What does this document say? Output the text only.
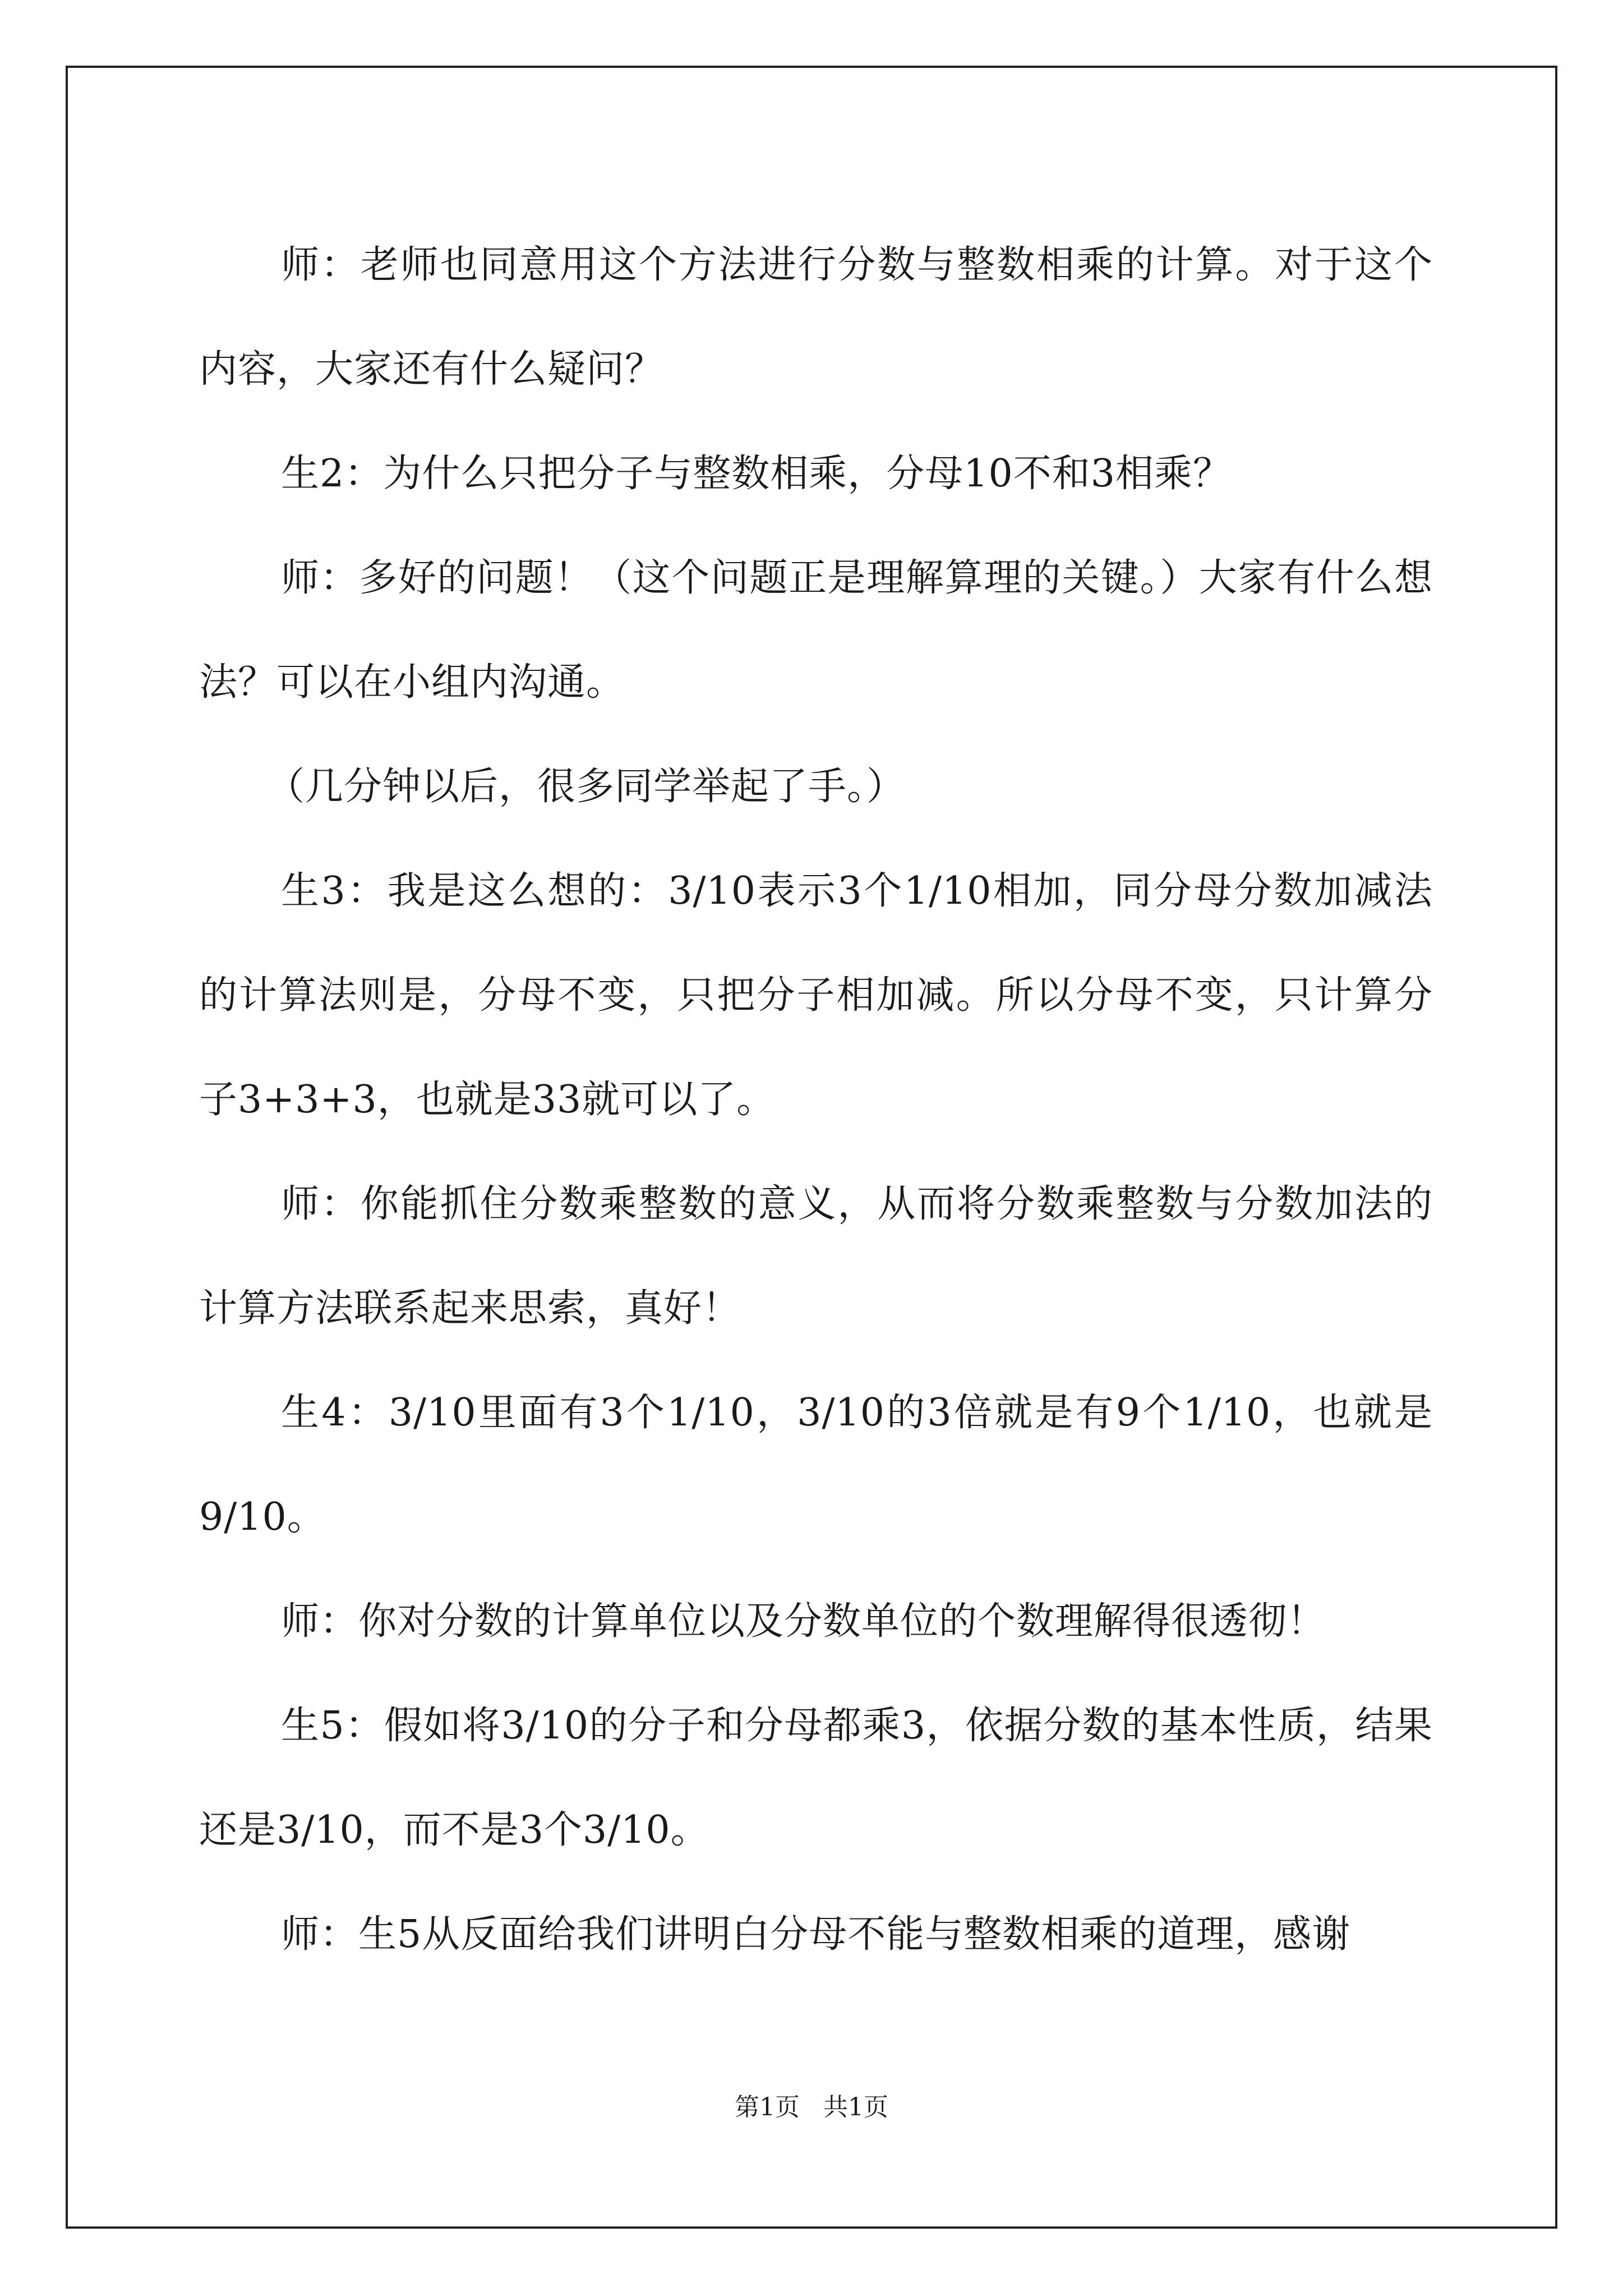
师：老师也同意用这个方法进行分数与整数相乘的计算。对于这个内容，大家还有什么疑问？

生2：为什么只把分子与整数相乘，分母10不和3相乘？

师：多好的问题！（这个问题正是理解算理的关键。）大家有什么想法？可以在小组内沟通。

（几分钟以后，很多同学举起了手。）

生3：我是这么想的：3/10表示3个1/10相加，同分母分数加减法的计算法则是，分母不变，只把分子相加减。所以分母不变，只计算分子3+3+3，也就是33就可以了。

师：你能抓住分数乘整数的意义，从而将分数乘整数与分数加法的计算方法联系起来思索，真好！

生4：3/10里面有3个1/10，3/10的3倍就是有9个1/10，也就是9/10。

师：你对分数的计算单位以及分数单位的个数理解得很透彻！

生5：假如将3/10的分子和分母都乘3，依据分数的基本性质，结果还是3/10，而不是3个3/10。

师：生5从反面给我们讲明白分母不能与整数相乘的道理，感谢

第1页 共1页
